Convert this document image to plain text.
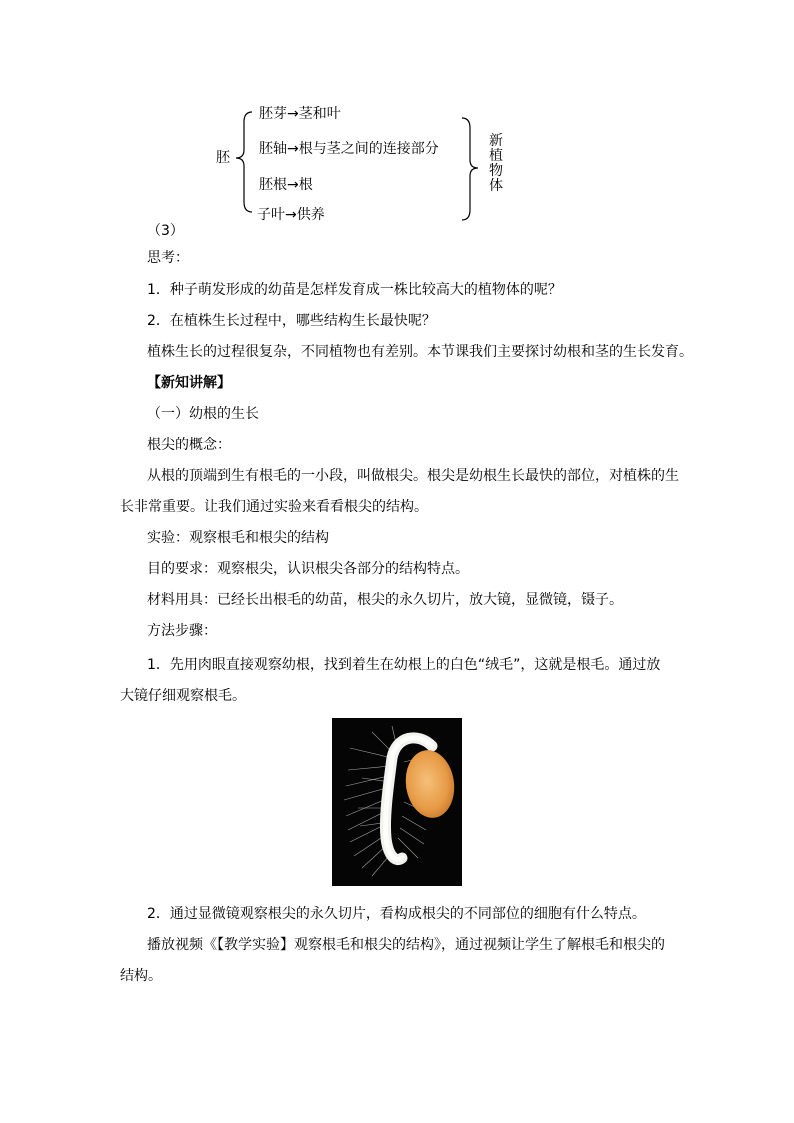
胚
胚芽→茎和叶
胚轴→根与茎之间的连接部分
胚根→根
子叶→供养
新
植
物
体
（3）
思考：
1．种子萌发形成的幼苗是怎样发育成一株比较高大的植物体的呢？
2．在植株生长过程中，哪些结构生长最快呢？
植株生长的过程很复杂，不同植物也有差别。本节课我们主要探讨幼根和茎的生长发育。
【新知讲解】
（一）幼根的生长
根尖的概念：
从根的顶端到生有根毛的一小段，叫做根尖。根尖是幼根生长最快的部位，对植株的生
长非常重要。让我们通过实验来看看根尖的结构。
实验：观察根毛和根尖的结构
目的要求：观察根尖，认识根尖各部分的结构特点。
材料用具：已经长出根毛的幼苗，根尖的永久切片，放大镜，显微镜，镊子。
方法步骤：
1．先用肉眼直接观察幼根，找到着生在幼根上的白色“绒毛”，这就是根毛。通过放
大镜仔细观察根毛。
2．通过显微镜观察根尖的永久切片，看构成根尖的不同部位的细胞有什么特点。
播放视频《【教学实验】观察根毛和根尖的结构》，通过视频让学生了解根毛和根尖的
结构。
